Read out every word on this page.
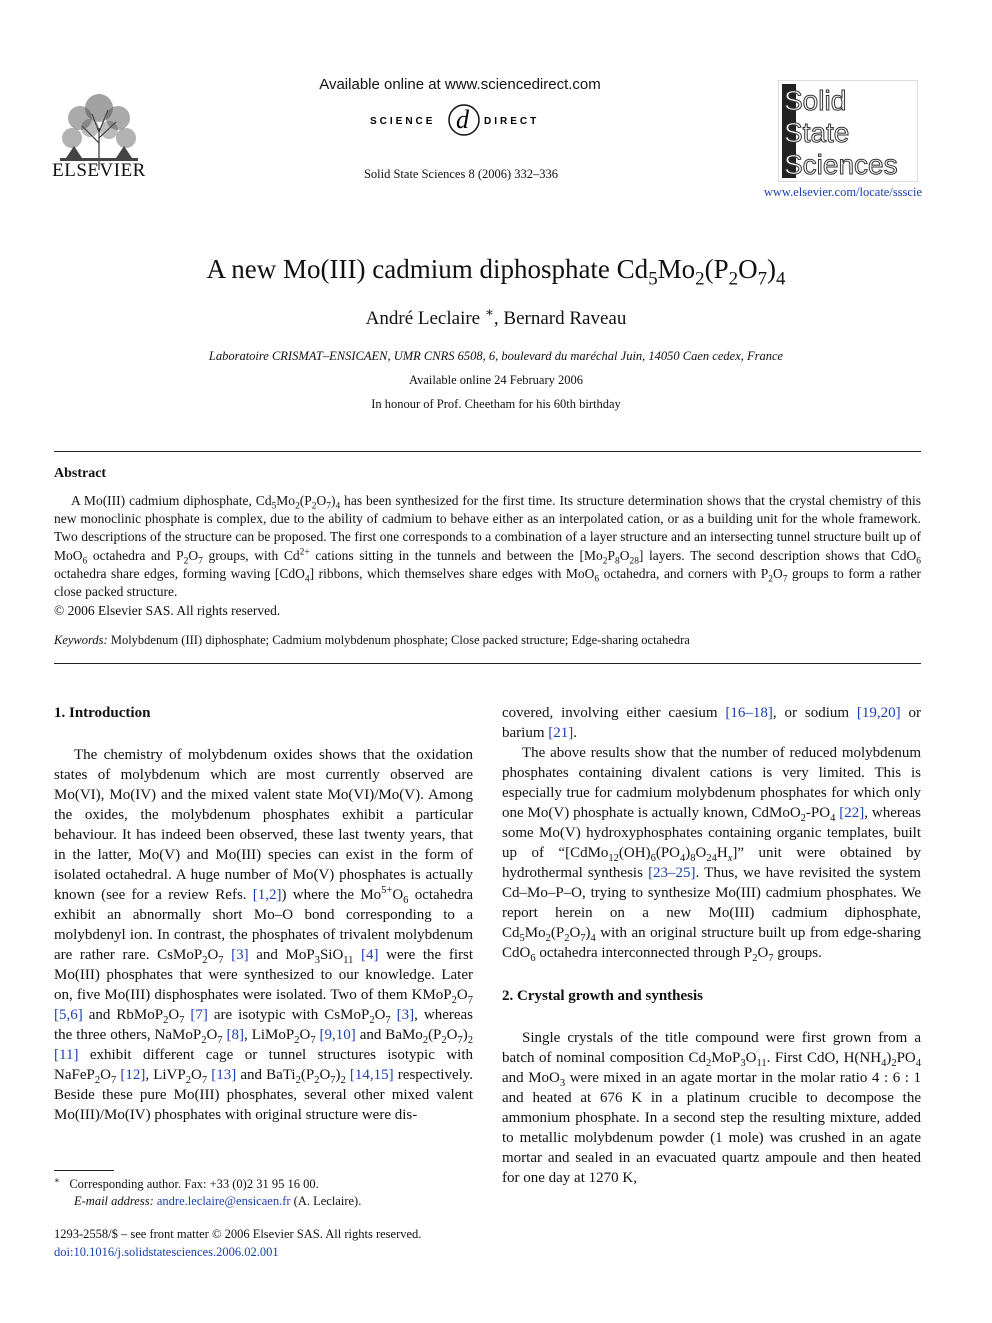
ELSEVIER
Available online at www.sciencedirect.com
SCIENCE d DIRECT
Solid State Sciences 8 (2006) 332–336
Solid
State
Sciences
www.elsevier.com/locate/ssscie
A new Mo(III) cadmium diphosphate $Cd_5Mo_2(P_2O_7)_4$
André Leclaire ∗, Bernard Raveau
Laboratoire CRISMAT–ENSICAEN, UMR CNRS 6508, 6, boulevard du maréchal Juin, 14050 Caen cedex, France
Available online 24 February 2006
In honour of Prof. Cheetham for his 60th birthday
Abstract

A Mo(III) cadmium diphosphate, $Cd_5Mo_2(P_2O_7)_4$ has been synthesized for the first time. Its structure determination shows that the crystal chemistry of this new monoclinic phosphate is complex, due to the ability of cadmium to behave either as an interpolated cation, or as a building unit for the whole framework. Two descriptions of the structure can be proposed. The first one corresponds to a combination of a layer structure and an intersecting tunnel structure built up of MoO$_6$ octahedra and $P_2O_7$ groups, with $Cd^{2+}$ cations sitting in the tunnels and between the $[Mo_2P_8O_{28}]$ layers. The second description shows that CdO$_6$ octahedra share edges, forming waving [CdO$_4$] ribbons, which themselves share edges with MoO$_6$ octahedra, and corners with $P_2O_7$ groups to form a rather close packed structure.

© 2006 Elsevier SAS. All rights reserved.
Keywords: Molybdenum (III) diphosphate; Cadmium molybdenum phosphate; Close packed structure; Edge-sharing octahedra
1. Introduction

The chemistry of molybdenum oxides shows that the oxidation states of molybdenum which are most currently observed are Mo(VI), Mo(IV) and the mixed valent state Mo(VI)/Mo(V). Among the oxides, the molybdenum phosphates exhibit a particular behaviour. It has indeed been observed, these last twenty years, that in the latter, Mo(V) and Mo(III) species can exist in the form of isolated octahedral. A huge number of Mo(V) phosphates is actually known (see for a review Refs. [1,2]) where the $Mo^{5+}O_6$ octahedra exhibit an abnormally short Mo–O bond corresponding to a molybdenyl ion. In contrast, the phosphates of trivalent molybdenum are rather rare. $CsMoP_2O_7$ [3] and MoP$_3$SiO$_{11}$ [4] were the first Mo(III) phosphates that were synthesized to our knowledge. Later on, five Mo(III) disphosphates were isolated. Two of them $KMoP_2O_7$ [5,6] and $RbMoP_2O_7$ [7] are isotypic with $CsMoP_2O_7$ [3], whereas the three others, $NaMoP_2O_7$ [8], $LiMoP_2O_7$ [9,10] and $BaMo_2(P_2O_7)_2$ [11] exhibit different cage or tunnel structures isotypic with $NaFeP_2O_7$ [12], $LiVP_2O_7$ [13] and $BaTi_2(P_2O_7)_2$ [14,15] respectively. Beside these pure Mo(III) phosphates, several other mixed valent Mo(III)/Mo(IV) phosphates with original structure were dis-

covered, involving either caesium [16–18], or sodium [19,20] or barium [21].

The above results show that the number of reduced molybdenum phosphates containing divalent cations is very limited. This is especially true for cadmium molybdenum phosphates for which only one Mo(V) phosphate is actually known, $CdMoO_2-PO_4$ [22], whereas some Mo(V) hydroxyphosphates containing organic templates, built up of “$[CdMo_{12}(OH)_6(PO_4)_8O_{24}H_x]$” unit were obtained by hydrothermal synthesis [23–25]. Thus, we have revisited the system Cd–Mo–P–O, trying to synthesize Mo(III) cadmium phosphates. We report herein on a new Mo(III) cadmium diphosphate, $Cd_5Mo_2(P_2O_7)_4$ with an original structure built up from edge-sharing CdO$_6$ octahedra interconnected through $P_2O_7$ groups.

2. Crystal growth and synthesis

Single crystals of the title compound were first grown from a batch of nominal composition $Cd_2MoP_3O_{11}$. First CdO, $H(NH_4)_2PO_4$ and MoO$_3$ were mixed in an agate mortar in the molar ratio 4 : 6 : 1 and heated at 676 K in a platinum crucible to decompose the ammonium phosphate. In a second step the resulting mixture, added to metallic molybdenum powder (1 mole) was crushed in an agate mortar and sealed in an evacuated quartz ampoule and then heated for one day at 1270 K,

∗ Corresponding author. Fax: +33 (0)2 31 95 16 00.
E-mail address: andre.leclaire@ensicaen.fr (A. Leclaire).
1293-2558/$ – see front matter © 2006 Elsevier SAS. All rights reserved.
doi:10.1016/j.solidstatesciences.2006.02.001
